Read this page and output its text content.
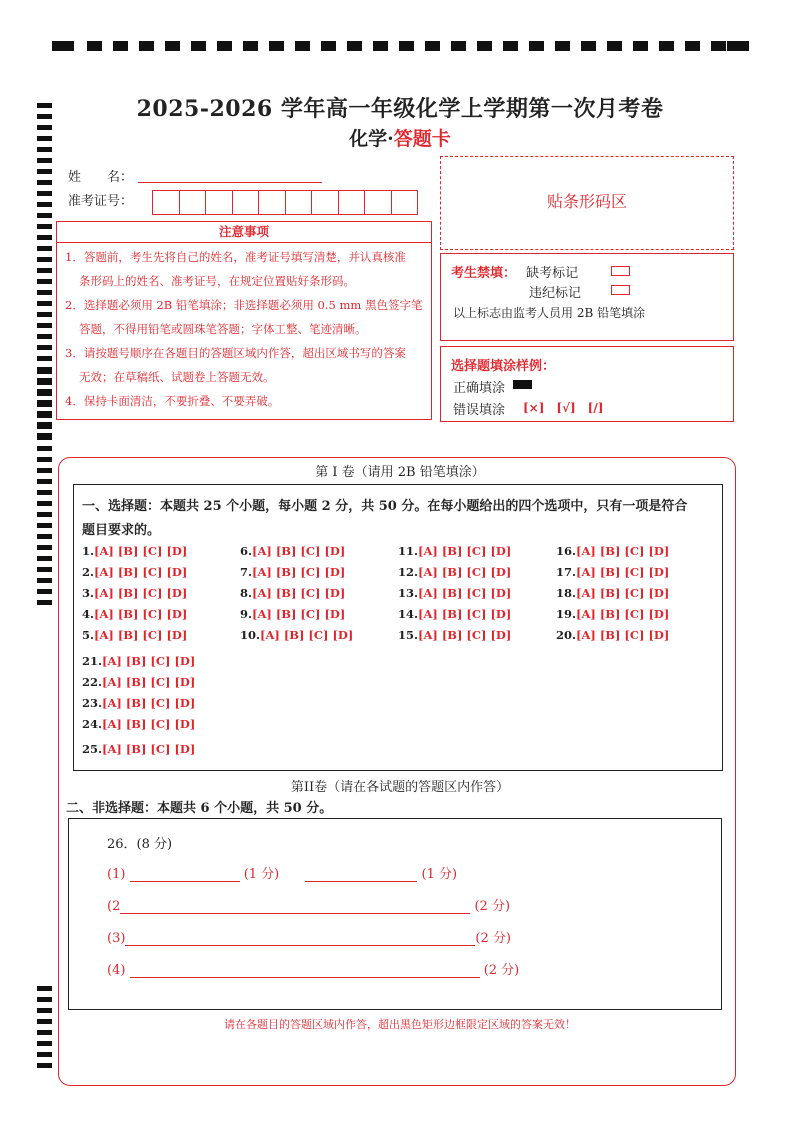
2025-2026 学年高一年级化学上学期第一次月考卷
化学·答题卡
姓　　名：
准考证号：	贴条形码区
注意事项
1．答题前，考生先将自己的姓名，准考证号填写清楚，并认真核准
条形码上的姓名、准考证号，在规定位置贴好条形码。
2．选择题必须用 2B 铅笔填涂；非选择题必须用 0.5 mm 黑色签字笔
答题，不得用铅笔或圆珠笔答题；字体工整、笔迹清晰。
3．请按题号顺序在各题目的答题区域内作答，超出区域书写的答案
无效；在草稿纸、试题卷上答题无效。
4．保持卡面清洁，不要折叠、不要弄破。
考生禁填： 缺考标记
违纪标记
以上标志由监考人员用 2B 铅笔填涂
选择题填涂样例：
正确填涂
错误填涂 [×]　[√]　[/]
第 I 卷（请用 2B 铅笔填涂）
一、选择题：本题共 25 个小题，每小题 2 分，共 50 分。在每小题给出的四个选项中，只有一项是符合
题目要求的。
1.[A] [B] [C] [D]
2.[A] [B] [C] [D]
3.[A] [B] [C] [D]
4.[A] [B] [C] [D]
5.[A] [B] [C] [D]
6.[A] [B] [C] [D]
7.[A] [B] [C] [D]
8.[A] [B] [C] [D]
9.[A] [B] [C] [D]
10.[A] [B] [C] [D]
11.[A] [B] [C] [D]
12.[A] [B] [C] [D]
13.[A] [B] [C] [D]
14.[A] [B] [C] [D]
15.[A] [B] [C] [D]
16.[A] [B] [C] [D]
17.[A] [B] [C] [D]
18.[A] [B] [C] [D]
19.[A] [B] [C] [D]
20.[A] [B] [C] [D]
21.[A] [B] [C] [D]
22.[A] [B] [C] [D]
23.[A] [B] [C] [D]
24.[A] [B] [C] [D]
25.[A] [B] [C] [D]
第II卷（请在各试题的答题区内作答）
二、非选择题：本题共 6 个小题，共 50 分。
26．(8 分)
(1)	(1 分)	(1 分)
(2	(2 分)
(3)	(2 分)
(4)	(2 分)
请在各题目的答题区域内作答，超出黑色矩形边框限定区域的答案无效！
